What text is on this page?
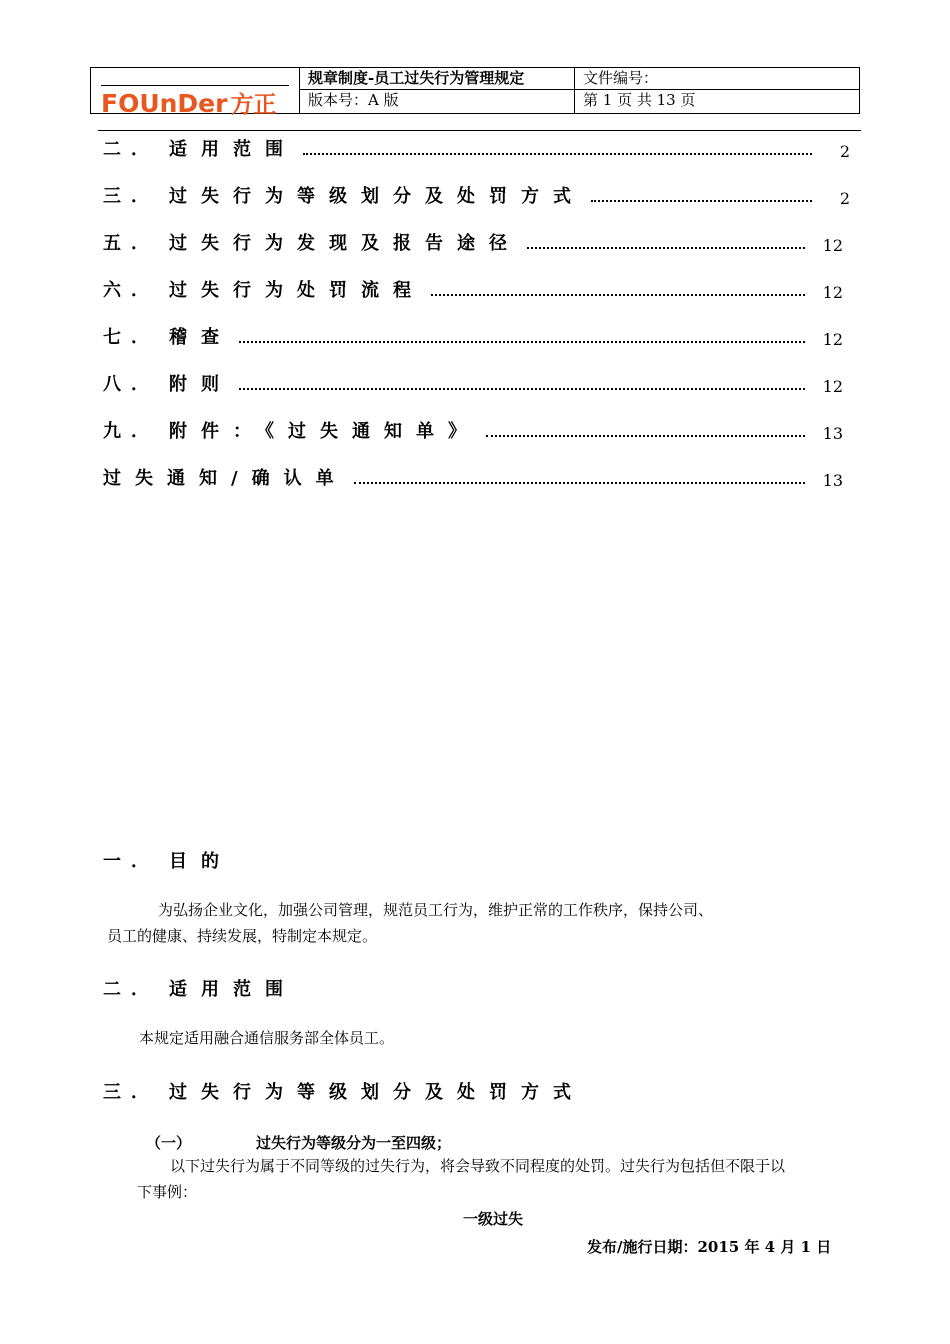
FOUnDer 方正
规章制度-员工过失行为管理规定	文件编号：
版本号：A 版	第 1 页 共 13 页
二． 适用范围	2
三． 过失行为等级划分及处罚方式	2
五． 过失行为发现及报告途径	12
六． 过失行为处罚流程	12
七． 稽查	12
八． 附则	12
九． 附件：《过失通知单》	13
过失通知/确认单	13
一． 目的
为弘扬企业文化，加强公司管理，规范员工行为，维护正常的工作秩序，保持公司、
员工的健康、持续发展，特制定本规定。
二． 适用范围
本规定适用融合通信服务部全体员工。
三． 过失行为等级划分及处罚方式
（一）	过失行为等级分为一至四级；
以下过失行为属于不同等级的过失行为，将会导致不同程度的处罚。过失行为包括但不限于以
下事例：
一级过失
发布/施行日期：2015 年 4 月 1 日
